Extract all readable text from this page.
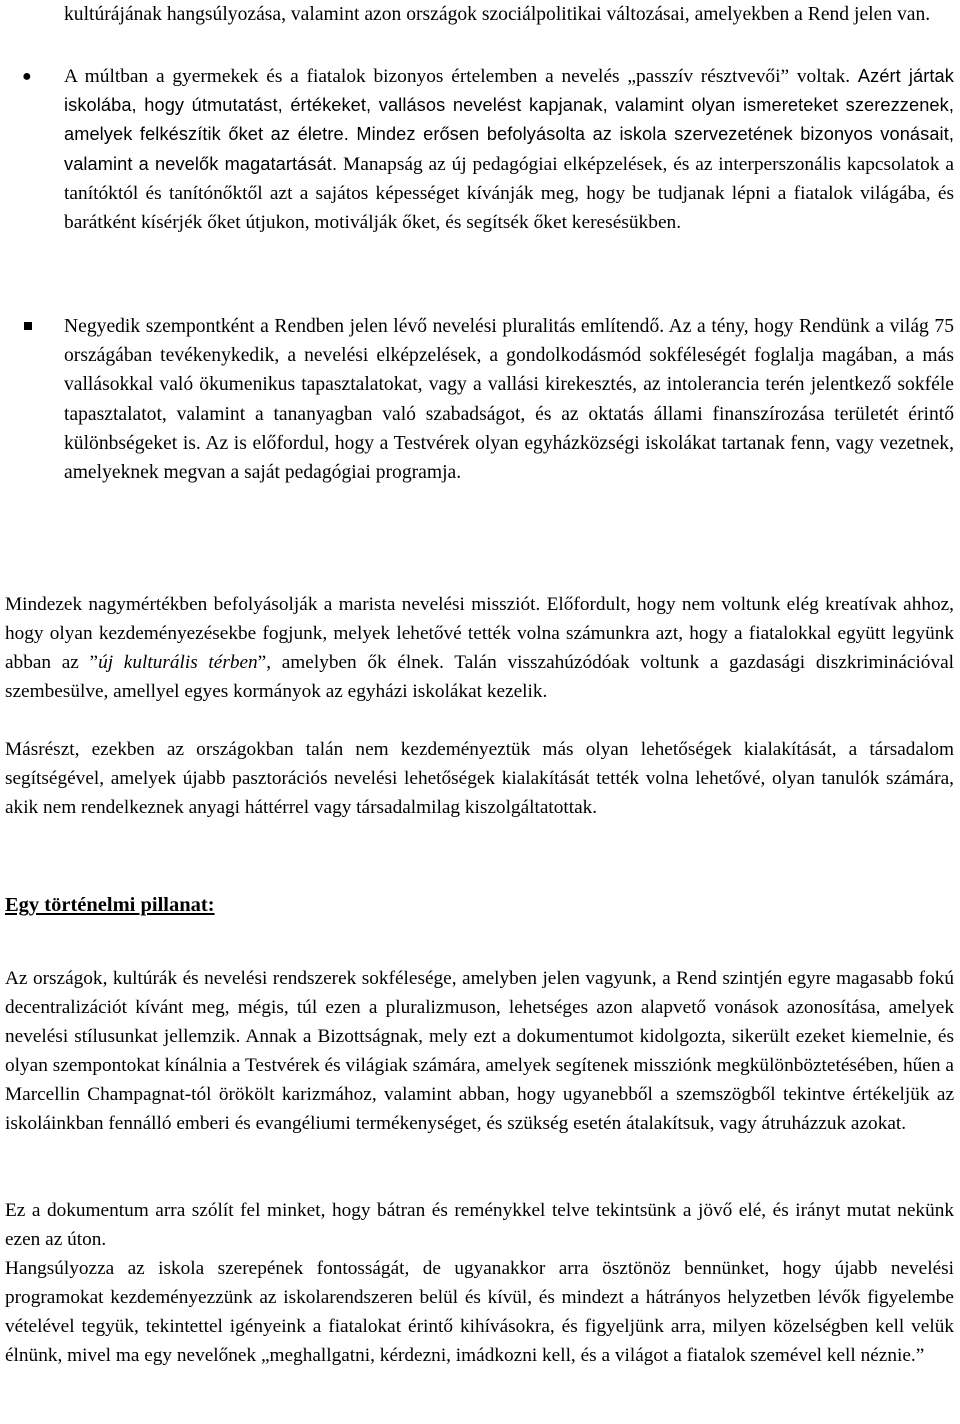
kultúrájának hangsúlyozása, valamint azon országok szociálpolitikai változásai, amelyekben a Rend jelen van.

● A múltban a gyermekek és a fiatalok bizonyos értelemben a nevelés „passzív résztvevői” voltak. Azért jártak iskolába, hogy útmutatást, értékeket, vallásos nevelést kapjanak, valamint olyan ismereteket szerezzenek, amelyek felkészítik őket az életre. Mindez erősen befolyásolta az iskola szervezetének bizonyos vonásait, valamint a nevelők magatartását. Manapság az új pedagógiai elképzelések, és az interperszonális kapcsolatok a tanítóktól és tanítónőktől azt a sajátos képességet kívánják meg, hogy be tudjanak lépni a fiatalok világába, és barátként kísérjék őket útjukon, motiválják őket, és segítsék őket keresésükben.

Negyedik szempontként a Rendben jelen lévő nevelési pluralitás említendő. Az a tény, hogy Rendünk a világ 75 országában tevékenykedik, a nevelési elképzelések, a gondolkodásmód sokféleségét foglalja magában, a más vallásokkal való ökumenikus tapasztalatokat, vagy a vallási kirekesztés, az intolerancia terén jelentkező sokféle tapasztalatot, valamint a tananyagban való szabadságot, és az oktatás állami finanszírozása területét érintő különbségeket is. Az is előfordul, hogy a Testvérek olyan egyházközségi iskolákat tartanak fenn, vagy vezetnek, amelyeknek megvan a saját pedagógiai programja.

Mindezek nagymértékben befolyásolják a marista nevelési missziót. Előfordult, hogy nem voltunk elég kreatívak ahhoz, hogy olyan kezdeményezésekbe fogjunk, melyek lehetővé tették volna számunkra azt, hogy a fiatalokkal együtt legyünk abban az ”új kulturális térben”, amelyben ők élnek. Talán visszahúzódóak voltunk a gazdasági diszkriminációval szembesülve, amellyel egyes kormányok az egyházi iskolákat kezelik.

Másrészt, ezekben az országokban talán nem kezdeményeztük más olyan lehetőségek kialakítását, a társadalom segítségével, amelyek újabb pasztorációs nevelési lehetőségek kialakítását tették volna lehetővé, olyan tanulók számára, akik nem rendelkeznek anyagi háttérrel vagy társadalmilag kiszolgáltatottak.

Egy történelmi pillanat:

Az országok, kultúrák és nevelési rendszerek sokfélesége, amelyben jelen vagyunk, a Rend szintjén egyre magasabb fokú decentralizációt kívánt meg, mégis, túl ezen a pluralizmuson, lehetséges azon alapvető vonások azonosítása, amelyek nevelési stílusunkat jellemzik. Annak a Bizottságnak, mely ezt a dokumentumot kidolgozta, sikerült ezeket kiemelnie, és olyan szempontokat kínálnia a Testvérek és világiak számára, amelyek segítenek missziónk megkülönböztetésében, hűen a Marcellin Champagnat-tól örökölt karizmához, valamint abban, hogy ugyanebből a szemszögből tekintve értékeljük az iskoláinkban fennálló emberi és evangéliumi termékenységet, és szükség esetén átalakítsuk, vagy átruházzuk azokat.

Ez a dokumentum arra szólít fel minket, hogy bátran és reménykkel telve tekintsünk a jövő elé, és irányt mutat nekünk ezen az úton.

Hangsúlyozza az iskola szerepének fontosságát, de ugyanakkor arra ösztönöz bennünket, hogy újabb nevelési programokat kezdeményezzünk az iskolarendszeren belül és kívül, és mindezt a hátrányos helyzetben lévők figyelembe vételével tegyük, tekintettel igényeink a fiatalokat érintő kihívásokra, és figyeljünk arra, milyen közelségben kell velük élnünk, mivel ma egy nevelőnek „meghallgatni, kérdezni, imádkozni kell, és a világot a fiatalok szemével kell néznie.”
